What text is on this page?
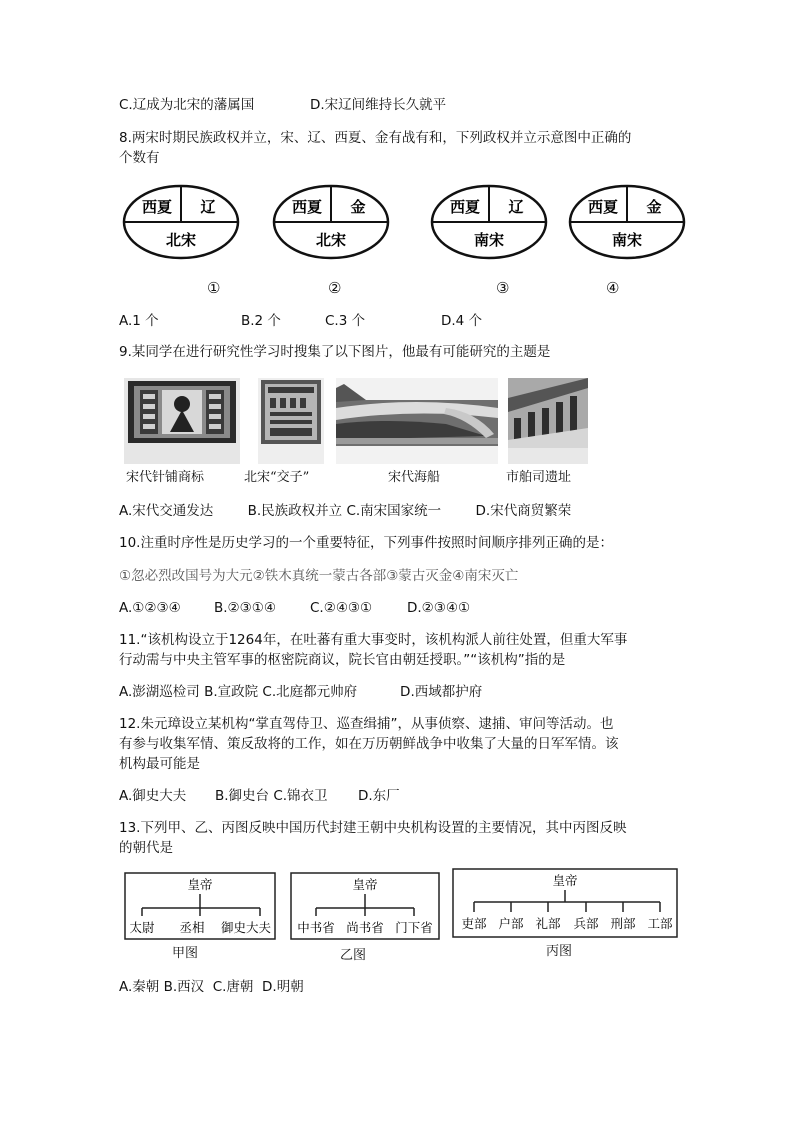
C.辽成为北宋的藩属国	D.宋辽间维持长久就平
8.两宋时期民族政权并立，宋、辽、西夏、金有战有和，下列政权并立示意图中正确的
个数有
西夏 辽
北宋
西夏 金
北宋
西夏 辽
南宋
西夏 金
南宋
①	②	③	④
A.1 个	B.2 个	C.3 个	D.4 个
9.某同学在进行研究性学习时搜集了以下图片，他最有可能研究的主题是
宋代针铺商标	北宋“交子”	宋代海船	市舶司遗址
A.宋代交通发达        B.民族政权并立 C.南宋国家统一        D.宋代商贸繁荣
10.注重时序性是历史学习的一个重要特征，下列事件按照时间顺序排列正确的是：
①忽必烈改国号为大元②铁木真统一蒙古各部③蒙古灭金④南宋灭亡
A.①②③④ B.②③①④	C.②④③①	D.②③④①
11.“该机构设立于1264年，在吐蕃有重大事变时，该机构派人前往处置，但重大军事
行动需与中央主管军事的枢密院商议，院长官由朝廷授职。”“该机构”指的是
A.澎湖巡检司 B.宣政院 C.北庭都元帅府          D.西域都护府
12.朱元璋设立某机构“掌直驾侍卫、巡查缉捕”，从事侦察、逮捕、审问等活动。也
有参与收集军情、策反敌将的工作，如在万历朝鲜战争中收集了大量的日军军情。该
机构最可能是
A.御史大夫 B.御史台 C.锦衣卫 D.东厂
13.下列甲、乙、丙图反映中国历代封建王朝中央机构设置的主要情况，其中丙图反映
的朝代是
皇帝
太尉 丞相 御史大夫
甲图
皇帝
中书省 尚书省 门下省
乙图
皇帝
吏部 户部 礼部 兵部 刑部 工部
丙图
A.秦朝 B.西汉  C.唐朝  D.明朝
